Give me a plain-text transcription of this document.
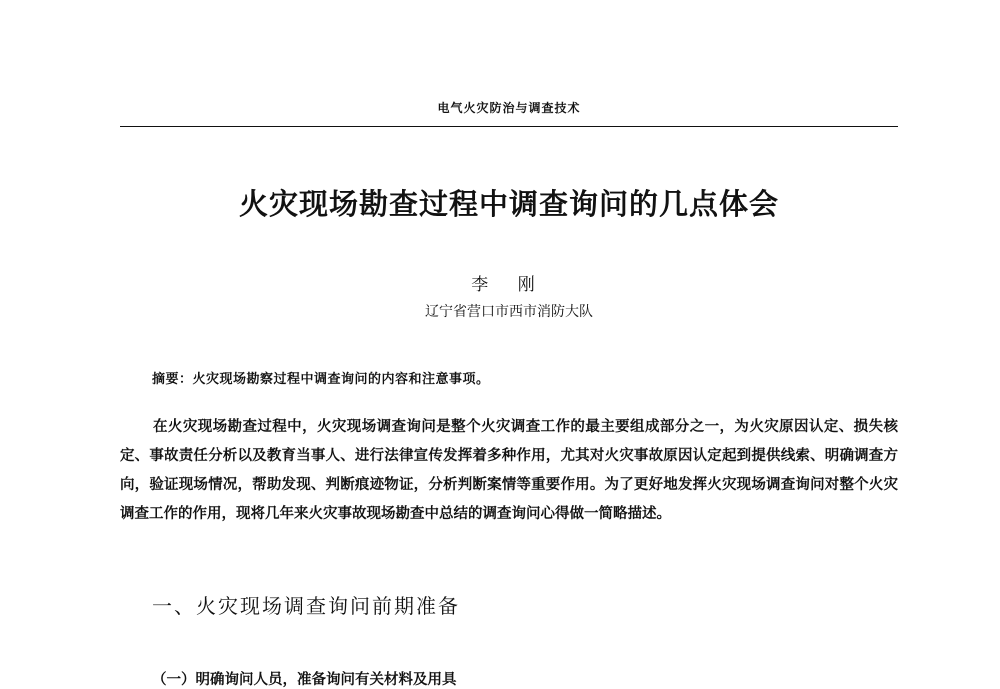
电气火灾防治与调查技术
火灾现场勘查过程中调查询问的几点体会
李 刚
辽宁省营口市西市消防大队
摘要：火灾现场勘察过程中调查询问的内容和注意事项。

在火灾现场勘查过程中，火灾现场调查询问是整个火灾调查工作的最主要组成部分之一，为火灾原因认定、损失核定、事故责任分析以及教育当事人、进行法律宣传发挥着多种作用，尤其对火灾事故原因认定起到提供线索、明确调查方向，验证现场情况，帮助发现、判断痕迹物证，分析判断案情等重要作用。为了更好地发挥火灾现场调查询问对整个火灾调查工作的作用，现将几年来火灾事故现场勘查中总结的调查询问心得做一简略描述。

一、火灾现场调查询问前期准备
（一）明确询问人员，准备询问有关材料及用具
